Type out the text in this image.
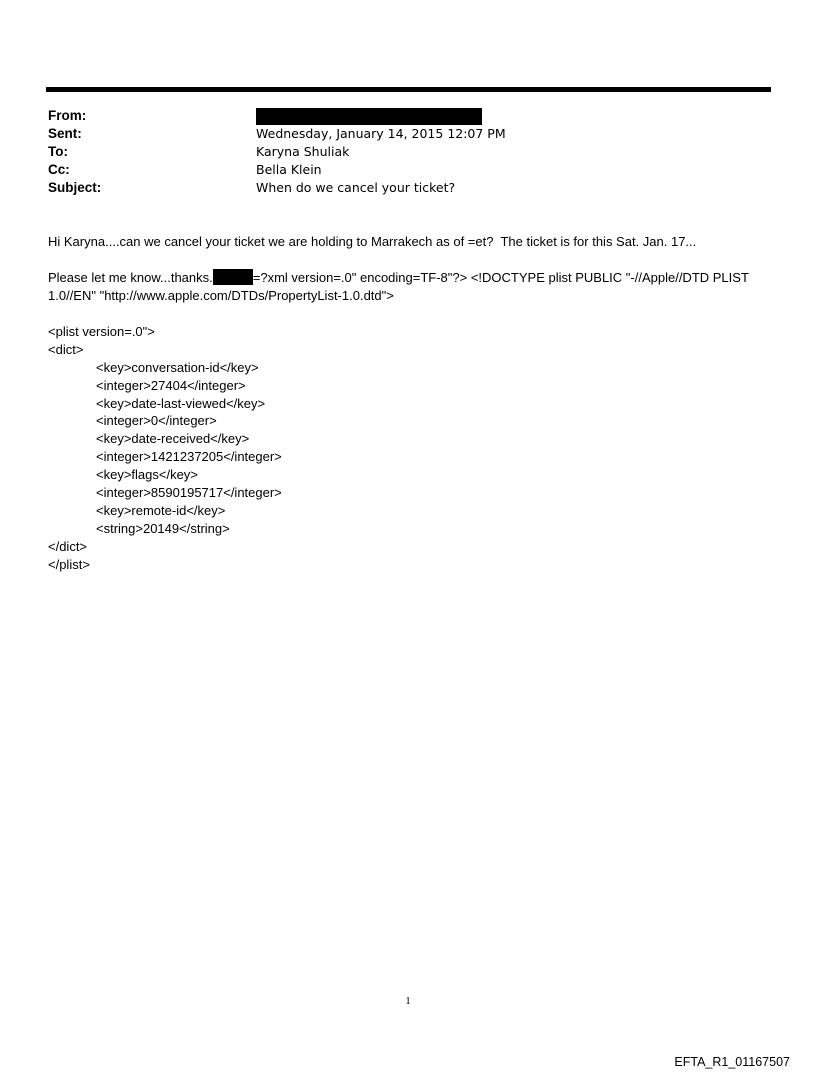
From:
Sent:	Wednesday, January 14, 2015 12:07 PM
To:	Karyna Shuliak
Cc:	Bella Klein
Subject:	When do we cancel your ticket?
Hi Karyna....can we cancel your ticket we are holding to Marrakech as of =et?  The ticket is for this Sat. Jan. 17...
Please let me know...thanks.	=?xml version=.0" encoding=TF-8"?> <!DOCTYPE plist PUBLIC "-//Apple//DTD PLIST
1.0//EN" "http://www.apple.com/DTDs/PropertyList-1.0.dtd">
<plist version=.0">
<dict>
<key>conversation-id</key>
<integer>27404</integer>
<key>date-last-viewed</key>
<integer>0</integer>
<key>date-received</key>
<integer>1421237205</integer>
<key>flags</key>
<integer>8590195717</integer>
<key>remote-id</key>
<string>20149</string>
</dict>
</plist>
1
EFTA_R1_01167507
